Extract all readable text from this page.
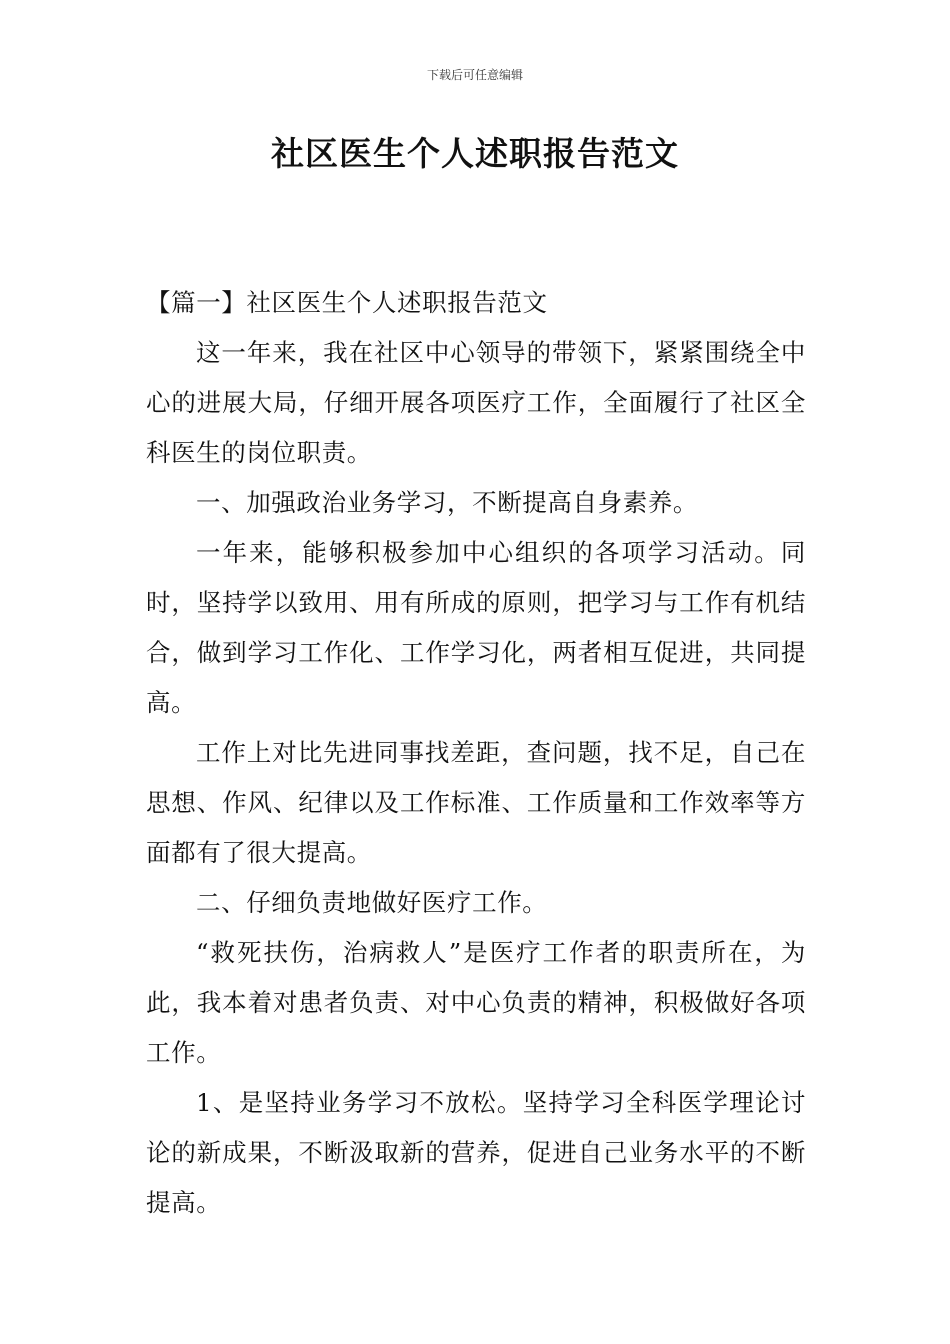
下载后可任意编辑
社区医生个人述职报告范文

【篇一】社区医生个人述职报告范文

这一年来，我在社区中心领导的带领下，紧紧围绕全中心的进展大局，仔细开展各项医疗工作，全面履行了社区全科医生的岗位职责。

一、加强政治业务学习，不断提高自身素养。

一年来，能够积极参加中心组织的各项学习活动。同时，坚持学以致用、用有所成的原则，把学习与工作有机结合，做到学习工作化、工作学习化，两者相互促进，共同提高。

工作上对比先进同事找差距，查问题，找不足，自己在思想、作风、纪律以及工作标准、工作质量和工作效率等方面都有了很大提高。

二、仔细负责地做好医疗工作。

“救死扶伤，治病救人”是医疗工作者的职责所在，为此，我本着对患者负责、对中心负责的精神，积极做好各项工作。

1、是坚持业务学习不放松。坚持学习全科医学理论讨论的新成果，不断汲取新的营养，促进自己业务水平的不断提高。
